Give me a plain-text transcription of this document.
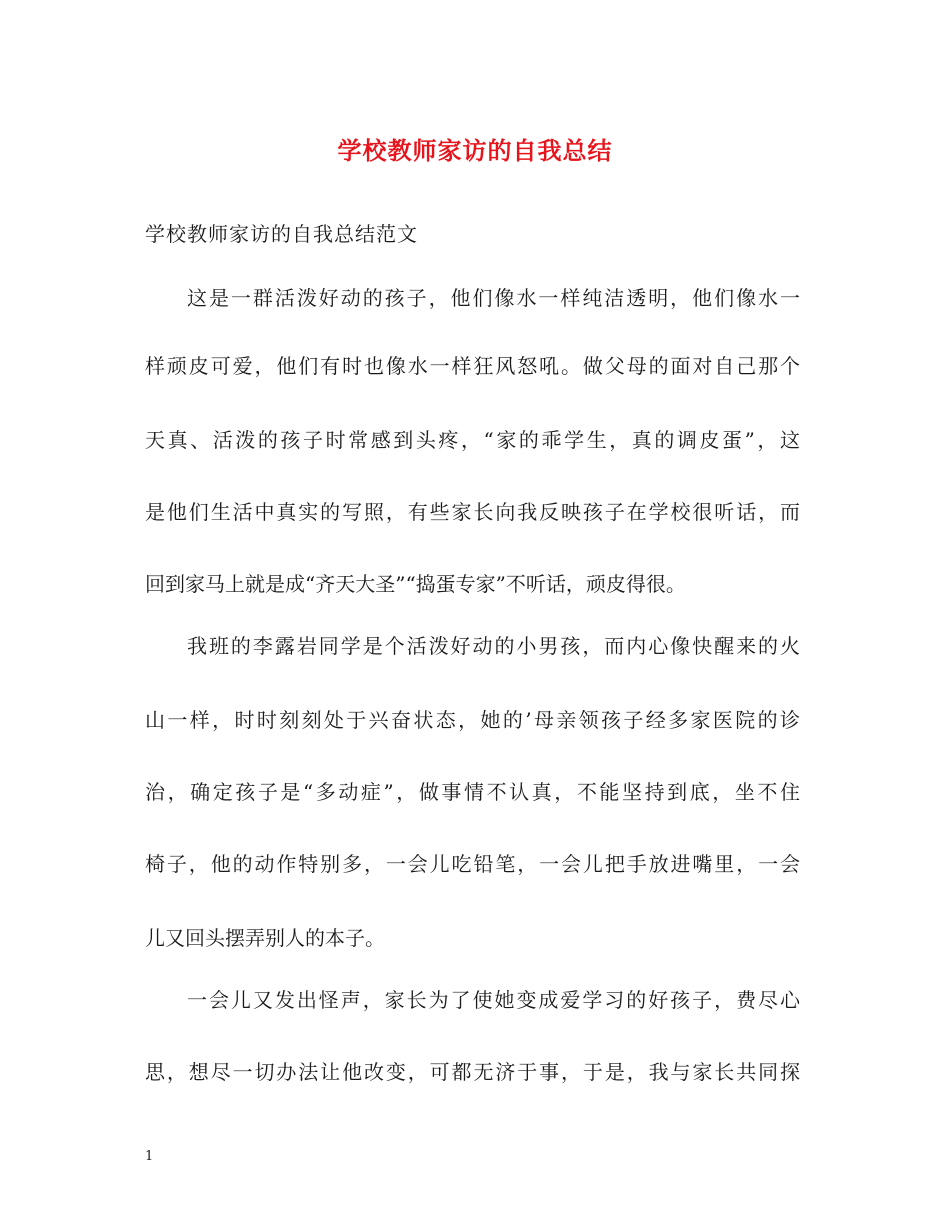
学校教师家访的自我总结
学校教师家访的自我总结范文
这是一群活泼好动的孩子，他们像水一样纯洁透明，他们像水一
样顽皮可爱，他们有时也像水一样狂风怒吼。做父母的面对自己那个
天真、活泼的孩子时常感到头疼，“家的乖学生，真的调皮蛋”，这
是他们生活中真实的写照，有些家长向我反映孩子在学校很听话，而
回到家马上就是成“齐天大圣”“捣蛋专家”不听话，顽皮得很。
我班的李露岩同学是个活泼好动的小男孩，而内心像快醒来的火
山一样，时时刻刻处于兴奋状态，她的’母亲领孩子经多家医院的诊
治，确定孩子是“多动症”，做事情不认真，不能坚持到底，坐不住
椅子，他的动作特别多，一会儿吃铅笔，一会儿把手放进嘴里，一会
儿又回头摆弄别人的本子。
一会儿又发出怪声，家长为了使她变成爱学习的好孩子，费尽心
思，想尽一切办法让他改变，可都无济于事，于是，我与家长共同探
1
